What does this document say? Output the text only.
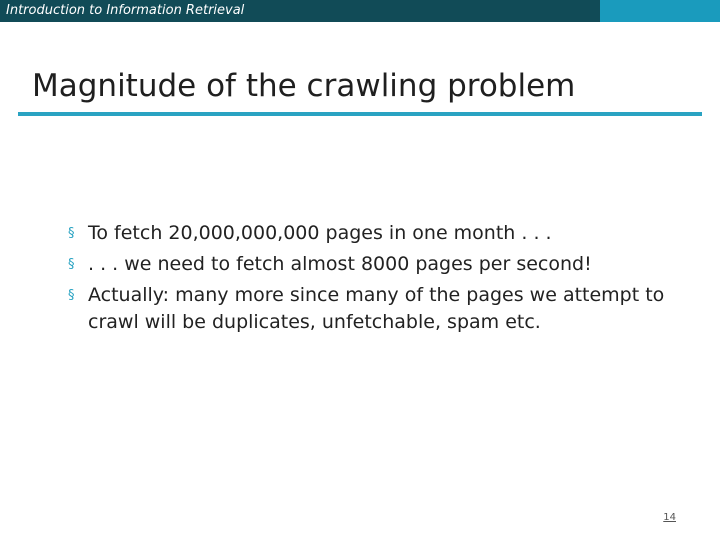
Introduction to Information Retrieval
Magnitude of the crawling problem
§ To fetch 20,000,000,000 pages in one month . . .
§ . . . we need to fetch almost 8000 pages per second!
§ Actually: many more since many of the pages we attempt to crawl will be duplicates, unfetchable, spam etc.
14
